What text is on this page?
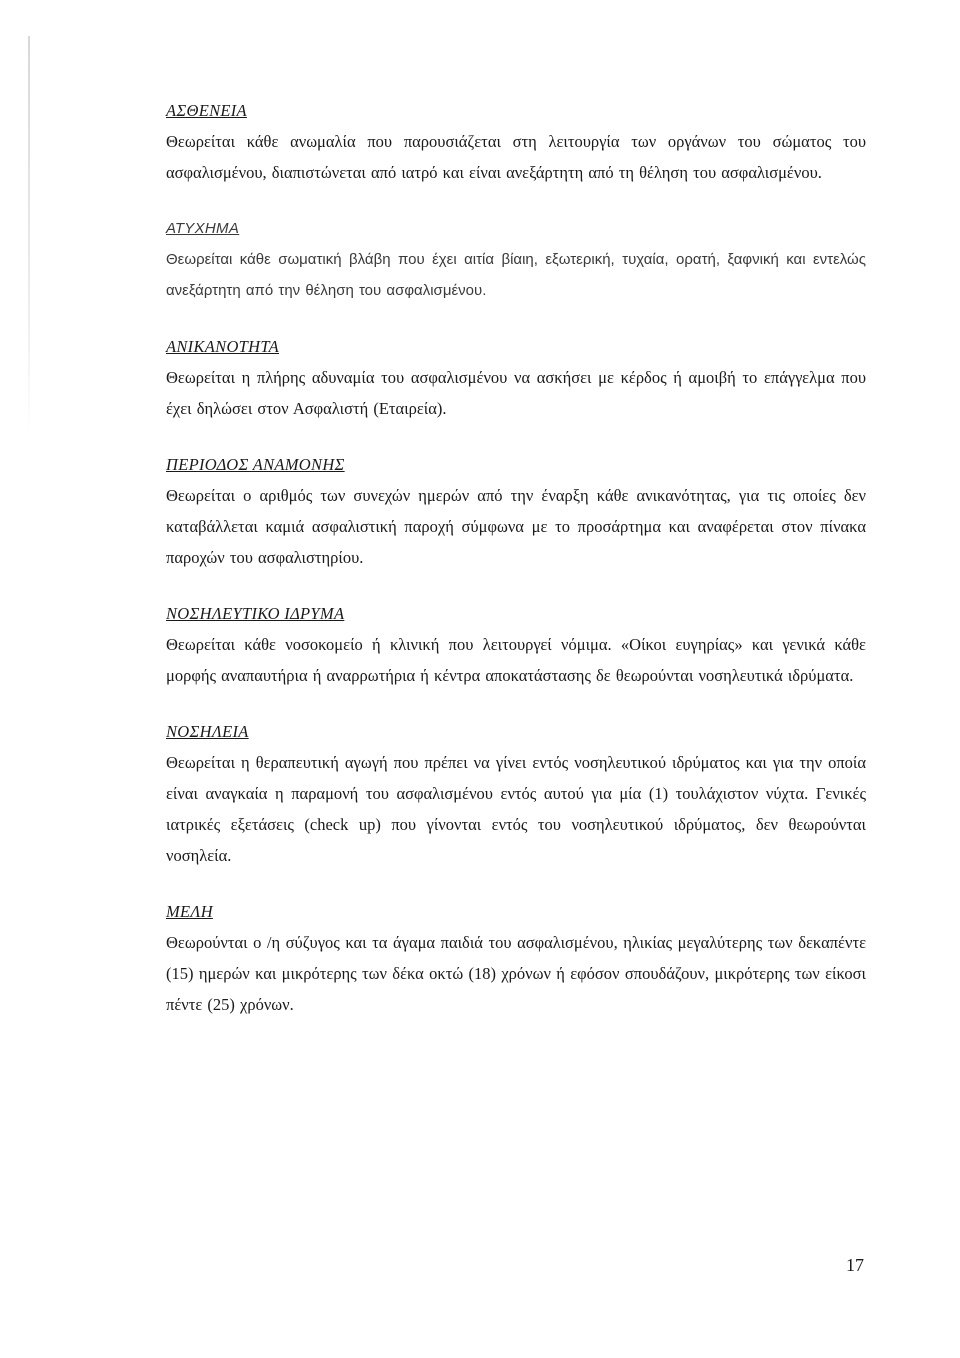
ΑΣΘΕΝΕΙΑ

Θεωρείται κάθε ανωμαλία που παρουσιάζεται στη λειτουργία των οργάνων του σώματος του ασφαλισμένου, διαπιστώνεται από ιατρό και είναι ανεξάρτητη από τη θέληση του ασφαλισμένου.

ΑΤΥΧΗΜΑ

Θεωρείται κάθε σωματική βλάβη που έχει αιτία βίαιη, εξωτερική, τυχαία, ορατή, ξαφνική και εντελώς ανεξάρτητη από την θέληση του ασφαλισμένου.

ΑΝΙΚΑΝΟΤΗΤΑ

Θεωρείται η πλήρης αδυναμία του ασφαλισμένου να ασκήσει με κέρδος ή αμοιβή το επάγγελμα που έχει δηλώσει στον Ασφαλιστή (Εταιρεία).

ΠΕΡΙΟΔΟΣ ΑΝΑΜΟΝΗΣ

Θεωρείται ο αριθμός των συνεχών ημερών από την έναρξη κάθε ανικανότητας, για τις οποίες δεν καταβάλλεται καμιά ασφαλιστική παροχή σύμφωνα με το προσάρτημα και αναφέρεται στον πίνακα παροχών του ασφαλιστηρίου.

ΝΟΣΗΛΕΥΤΙΚΟ ΙΔΡΥΜΑ

Θεωρείται κάθε νοσοκομείο ή κλινική που λειτουργεί νόμιμα. «Οίκοι ευγηρίας» και γενικά κάθε μορφής αναπαυτήρια ή αναρρωτήρια ή κέντρα αποκατάστασης δε θεωρούνται νοσηλευτικά ιδρύματα.

ΝΟΣΗΛΕΙΑ

Θεωρείται η θεραπευτική αγωγή που πρέπει να γίνει εντός νοσηλευτικού ιδρύματος και για την οποία είναι αναγκαία η παραμονή του ασφαλισμένου εντός αυτού για μία (1) τουλάχιστον νύχτα. Γενικές ιατρικές εξετάσεις (check up) που γίνονται εντός του νοσηλευτικού ιδρύματος, δεν θεωρούνται νοσηλεία.

ΜΕΛΗ

Θεωρούνται ο /η σύζυγος και τα άγαμα παιδιά του ασφαλισμένου, ηλικίας μεγαλύτερης των δεκαπέντε (15) ημερών και μικρότερης των δέκα οκτώ (18) χρόνων ή εφόσον σπουδάζουν, μικρότερης των είκοσι πέντε (25) χρόνων.

17
